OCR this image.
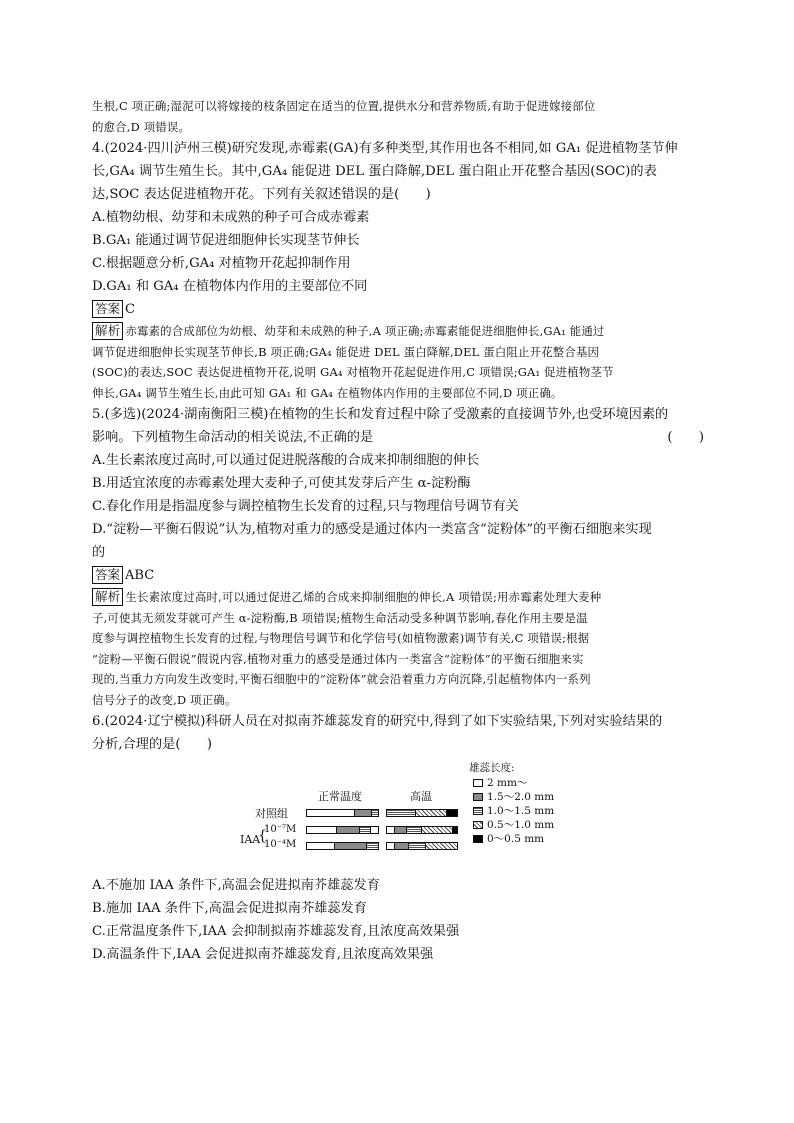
生根,C 项正确;湿泥可以将嫁接的枝条固定在适当的位置,提供水分和营养物质,有助于促进嫁接部位
的愈合,D 项错误。
4.(2024·四川泸州三模)研究发现,赤霉素(GA)有多种类型,其作用也各不相同,如 GA₁ 促进植物茎节伸
长,GA₄ 调节生殖生长。其中,GA₄ 能促进 DEL 蛋白降解,DEL 蛋白阻止开花整合基因(SOC)的表
达,SOC 表达促进植物开花。下列有关叙述错误的是(　　)
A.植物幼根、幼芽和未成熟的种子可合成赤霉素
B.GA₁ 能通过调节促进细胞伸长实现茎节伸长
C.根据题意分析,GA₄ 对植物开花起抑制作用
D.GA₁ 和 GA₄ 在植物体内作用的主要部位不同
答案 C
解析 赤霉素的合成部位为幼根、幼芽和未成熟的种子,A 项正确;赤霉素能促进细胞伸长,GA₁ 能通过
调节促进细胞伸长实现茎节伸长,B 项正确;GA₄ 能促进 DEL 蛋白降解,DEL 蛋白阻止开花整合基因
(SOC)的表达,SOC 表达促进植物开花,说明 GA₄ 对植物开花起促进作用,C 项错误;GA₁ 促进植物茎节
伸长,GA₄ 调节生殖生长,由此可知 GA₁ 和 GA₄ 在植物体内作用的主要部位不同,D 项正确。
5.(多选)(2024·湖南衡阳三模)在植物的生长和发育过程中除了受激素的直接调节外,也受环境因素的
影响。下列植物生命活动的相关说法,不正确的是	(　　)
A.生长素浓度过高时,可以通过促进脱落酸的合成来抑制细胞的伸长
B.用适宜浓度的赤霉素处理大麦种子,可使其发芽后产生 α-淀粉酶
C.春化作用是指温度参与调控植物生长发育的过程,只与物理信号调节有关
D.“淀粉—平衡石假说”认为,植物对重力的感受是通过体内一类富含“淀粉体”的平衡石细胞来实现
的
答案 ABC
解析 生长素浓度过高时,可以通过促进乙烯的合成来抑制细胞的伸长,A 项错误;用赤霉素处理大麦种
子,可使其无须发芽就可产生 α-淀粉酶,B 项错误;植物生命活动受多种调节影响,春化作用主要是温
度参与调控植物生长发育的过程,与物理信号调节和化学信号(如植物激素)调节有关,C 项错误;根据
“淀粉—平衡石假说”假说内容,植物对重力的感受是通过体内一类富含“淀粉体”的平衡石细胞来实
现的,当重力方向发生改变时,平衡石细胞中的“淀粉体”就会沿着重力方向沉降,引起植物体内一系列
信号分子的改变,D 项正确。
6.(2024·辽宁模拟)科研人员在对拟南芥雄蕊发育的研究中,得到了如下实验结果,下列对实验结果的
分析,合理的是(　　)
雄蕊长度:
2 mm～
1.5～2.0 mm
1.0～1.5 mm
0.5～1.0 mm
0～0.5 mm
正常温度	高温
对照组
IAA
10⁻⁷M
10⁻⁴M
{
A.不施加 IAA 条件下,高温会促进拟南芥雄蕊发育
B.施加 IAA 条件下,高温会促进拟南芥雄蕊发育
C.正常温度条件下,IAA 会抑制拟南芥雄蕊发育,且浓度高效果强
D.高温条件下,IAA 会促进拟南芥雄蕊发育,且浓度高效果强
